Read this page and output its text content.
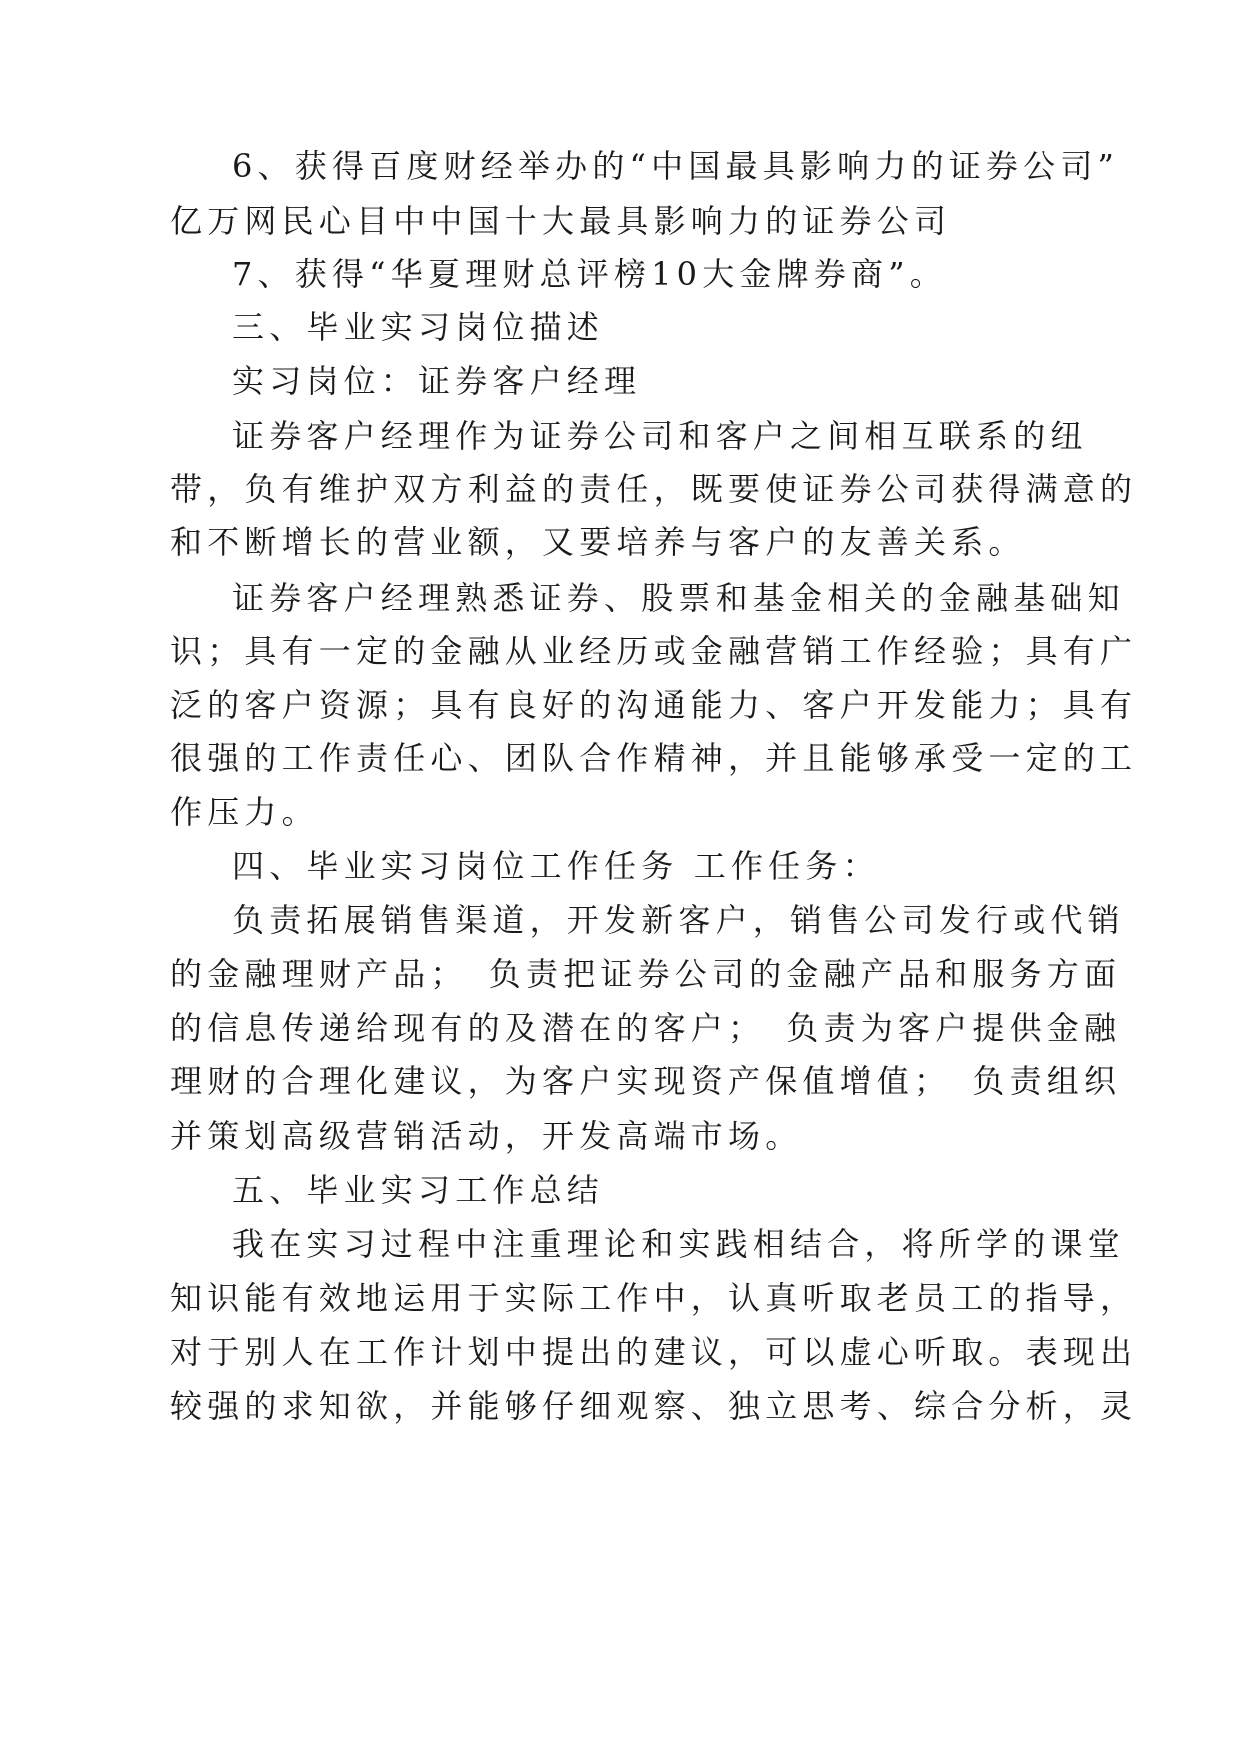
6、获得百度财经举办的“中国最具影响力的证券公司”
亿万网民心目中中国十大最具影响力的证券公司
7、获得“华夏理财总评榜10大金牌券商”。
三、毕业实习岗位描述
实习岗位：证券客户经理
证券客户经理作为证券公司和客户之间相互联系的纽
带，负有维护双方利益的责任，既要使证券公司获得满意的
和不断增长的营业额，又要培养与客户的友善关系。
证券客户经理熟悉证券、股票和基金相关的金融基础知
识；具有一定的金融从业经历或金融营销工作经验；具有广
泛的客户资源；具有良好的沟通能力、客户开发能力；具有
很强的工作责任心、团队合作精神，并且能够承受一定的工
作压力。
四、毕业实习岗位工作任务 工作任务：
负责拓展销售渠道，开发新客户，销售公司发行或代销
的金融理财产品；　负责把证券公司的金融产品和服务方面
的信息传递给现有的及潜在的客户；　负责为客户提供金融
理财的合理化建议，为客户实现资产保值增值；　负责组织
并策划高级营销活动，开发高端市场。
五、毕业实习工作总结
我在实习过程中注重理论和实践相结合，将所学的课堂
知识能有效地运用于实际工作中，认真听取老员工的指导，
对于别人在工作计划中提出的建议，可以虚心听取。表现出
较强的求知欲，并能够仔细观察、独立思考、综合分析，灵
